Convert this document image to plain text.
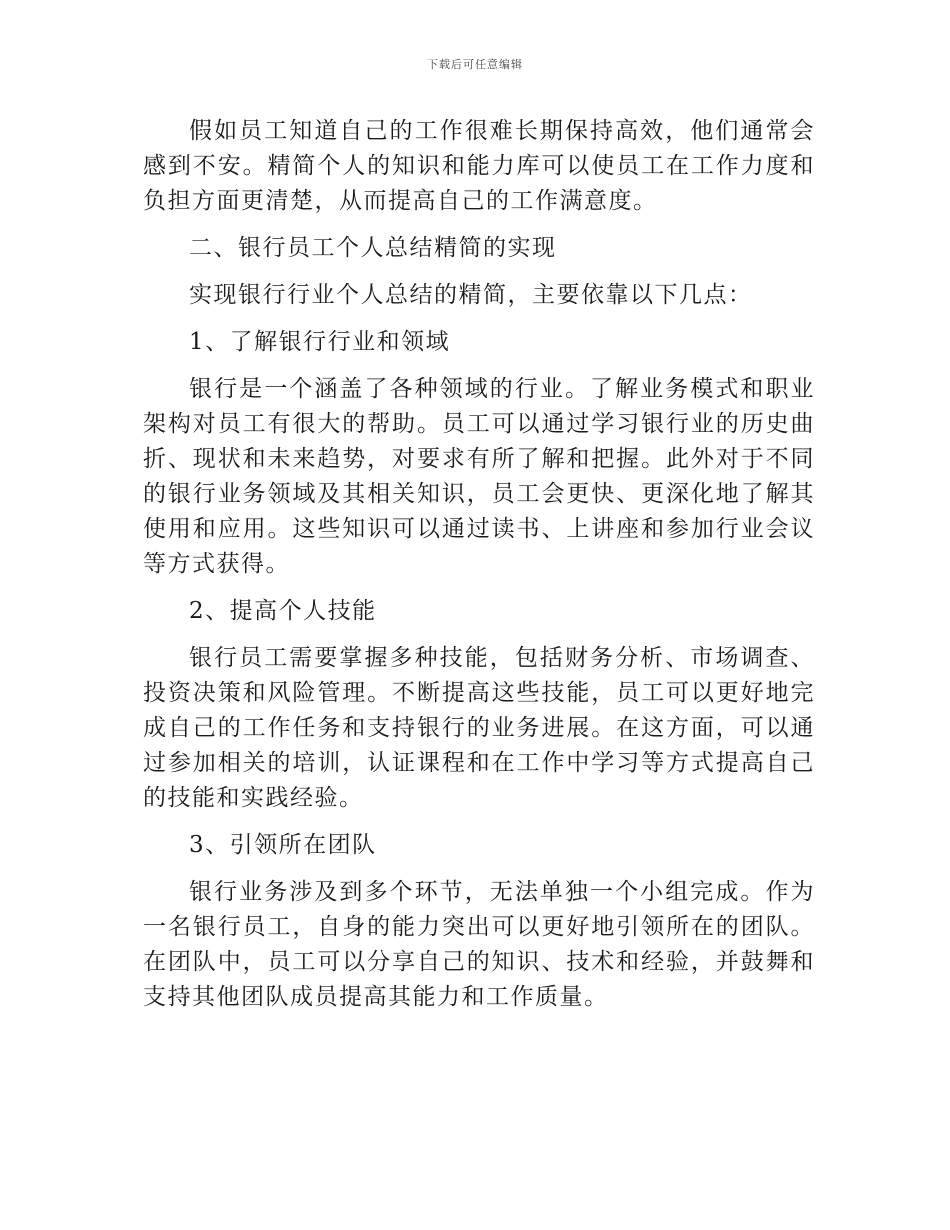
下载后可任意编辑

假如员工知道自己的工作很难长期保持高效，他们通常会感到不安。精简个人的知识和能力库可以使员工在工作力度和负担方面更清楚，从而提高自己的工作满意度。

二、银行员工个人总结精简的实现

实现银行行业个人总结的精简，主要依靠以下几点：

1、了解银行行业和领域

银行是一个涵盖了各种领域的行业。了解业务模式和职业架构对员工有很大的帮助。员工可以通过学习银行业的历史曲折、现状和未来趋势，对要求有所了解和把握。此外对于不同的银行业务领域及其相关知识，员工会更快、更深化地了解其使用和应用。这些知识可以通过读书、上讲座和参加行业会议等方式获得。

2、提高个人技能

银行员工需要掌握多种技能，包括财务分析、市场调查、投资决策和风险管理。不断提高这些技能，员工可以更好地完成自己的工作任务和支持银行的业务进展。在这方面，可以通过参加相关的培训，认证课程和在工作中学习等方式提高自己的技能和实践经验。

3、引领所在团队

银行业务涉及到多个环节，无法单独一个小组完成。作为一名银行员工，自身的能力突出可以更好地引领所在的团队。在团队中，员工可以分享自己的知识、技术和经验，并鼓舞和支持其他团队成员提高其能力和工作质量。
